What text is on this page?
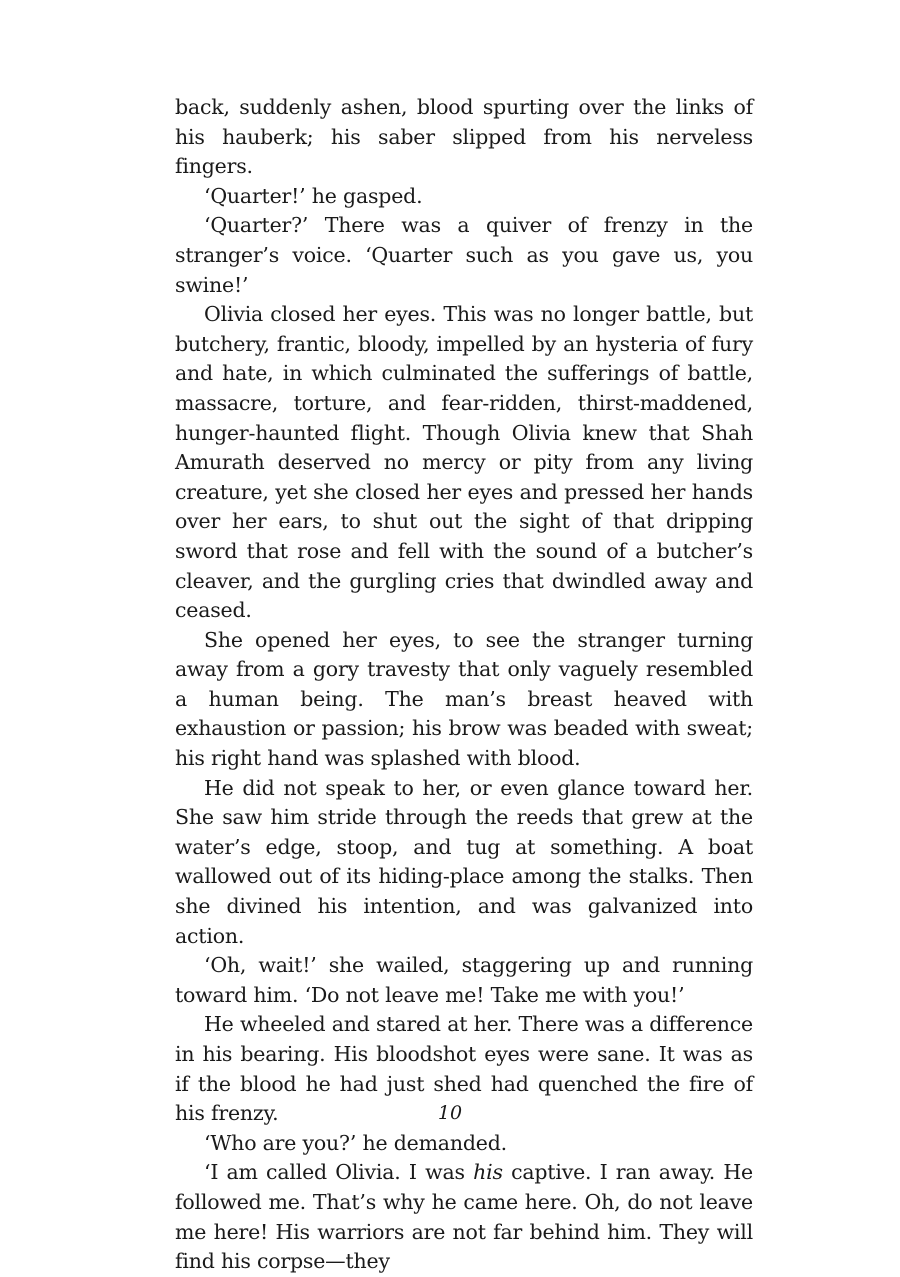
back, suddenly ashen, blood spurting over the links of his hauberk; his saber slipped from his nerveless fingers.

‘Quarter!’ he gasped.

‘Quarter?’ There was a quiver of frenzy in the stranger’s voice. ‘Quarter such as you gave us, you swine!’

Olivia closed her eyes. This was no longer battle, but butchery, frantic, bloody, impelled by an hysteria of fury and hate, in which culminated the sufferings of battle, massacre, torture, and fear-ridden, thirst-maddened, hunger-haunted flight. Though Olivia knew that Shah Amurath deserved no mercy or pity from any living creature, yet she closed her eyes and pressed her hands over her ears, to shut out the sight of that dripping sword that rose and fell with the sound of a butcher’s cleaver, and the gurgling cries that dwindled away and ceased.

She opened her eyes, to see the stranger turning away from a gory travesty that only vaguely resembled a human being. The man’s breast heaved with exhaustion or passion; his brow was beaded with sweat; his right hand was splashed with blood.

He did not speak to her, or even glance toward her. She saw him stride through the reeds that grew at the water’s edge, stoop, and tug at something. A boat wallowed out of its hiding-place among the stalks. Then she divined his intention, and was galvanized into action.

‘Oh, wait!’ she wailed, staggering up and running toward him. ‘Do not leave me! Take me with you!’

He wheeled and stared at her. There was a difference in his bearing. His bloodshot eyes were sane. It was as if the blood he had just shed had quenched the fire of his frenzy.

‘Who are you?’ he demanded.

‘I am called Olivia. I was his captive. I ran away. He followed me. That’s why he came here. Oh, do not leave me here! His warriors are not far behind him. They will find his corpse—they

10
